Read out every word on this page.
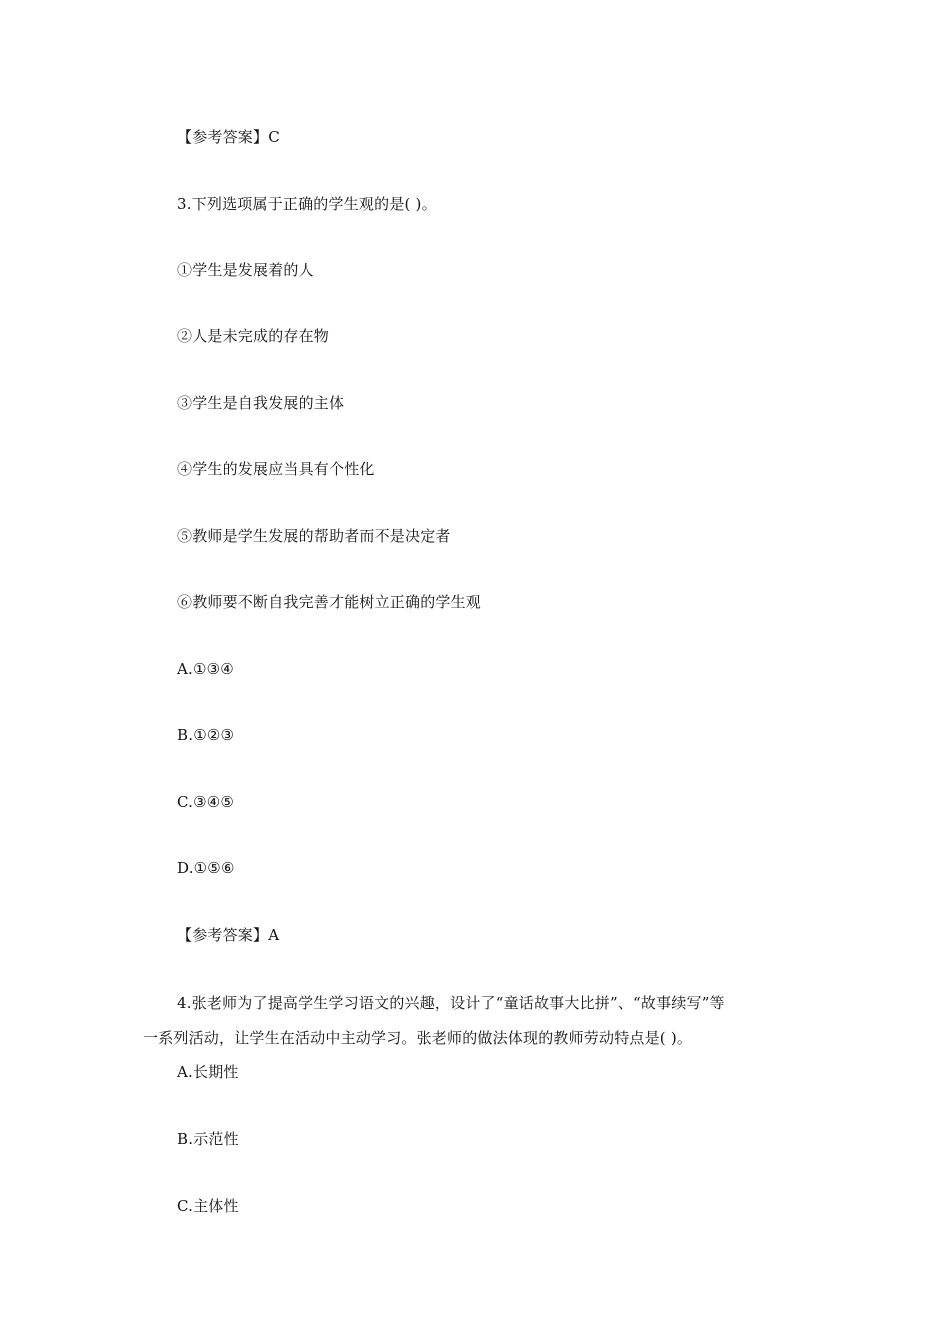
【参考答案】C
3.下列选项属于正确的学生观的是( )。
①学生是发展着的人
②人是未完成的存在物
③学生是自我发展的主体
④学生的发展应当具有个性化
⑤教师是学生发展的帮助者而不是决定者
⑥教师要不断自我完善才能树立正确的学生观
A.①③④
B.①②③
C.③④⑤
D.①⑤⑥
【参考答案】A
4.张老师为了提高学生学习语文的兴趣，设计了“童话故事大比拼”、“故事续写”等
一系列活动，让学生在活动中主动学习。张老师的做法体现的教师劳动特点是( )。
A.长期性
B.示范性
C.主体性
